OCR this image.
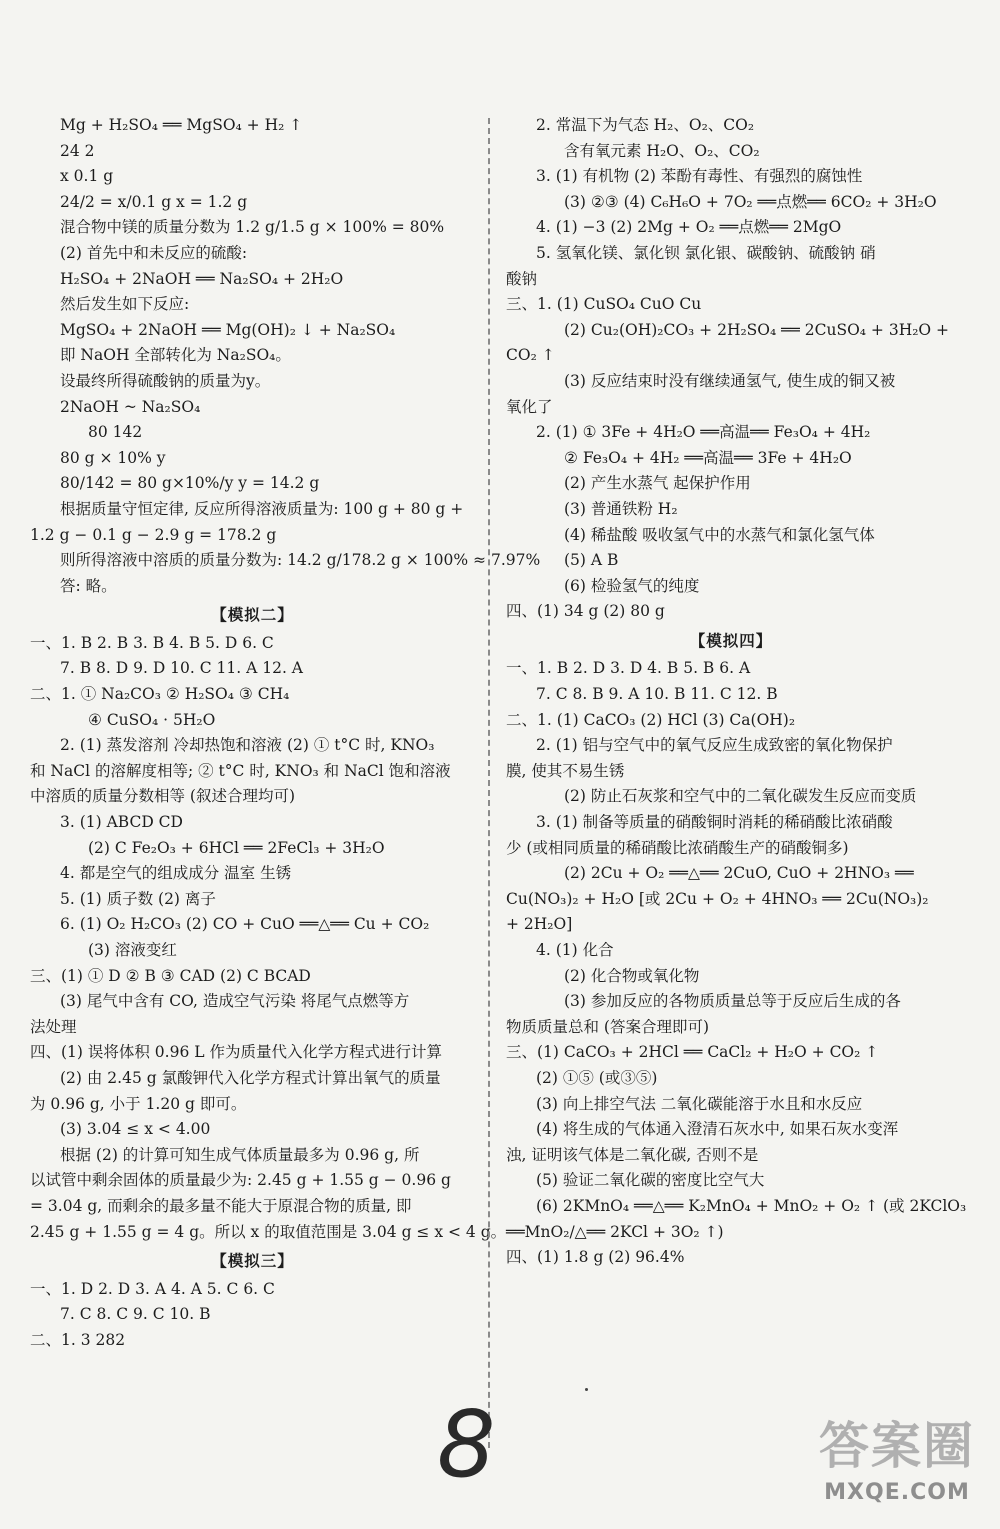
Mg + H₂SO₄ ══ MgSO₄ + H₂ ↑
24 2
x 0.1 g
24/2 = x/0.1 g x = 1.2 g
混合物中镁的质量分数为 1.2 g/1.5 g × 100% = 80%
(2) 首先中和未反应的硫酸:
H₂SO₄ + 2NaOH ══ Na₂SO₄ + 2H₂O
然后发生如下反应:
MgSO₄ + 2NaOH ══ Mg(OH)₂ ↓ + Na₂SO₄
即 NaOH 全部转化为 Na₂SO₄。
设最终所得硫酸钠的质量为y。
2NaOH ~ Na₂SO₄
80 142
80 g × 10% y
80/142 = 80 g×10%/y y = 14.2 g
根据质量守恒定律, 反应所得溶液质量为: 100 g + 80 g +
1.2 g − 0.1 g − 2.9 g = 178.2 g
则所得溶液中溶质的质量分数为: 14.2 g/178.2 g × 100% ≈ 7.97%
答: 略。
【模拟二】
一、1. B 2. B 3. B 4. B 5. D 6. C
7. B 8. D 9. D 10. C 11. A 12. A
二、1. ① Na₂CO₃ ② H₂SO₄ ③ CH₄
④ CuSO₄ · 5H₂O
2. (1) 蒸发溶剂 冷却热饱和溶液 (2) ① t°C 时, KNO₃
和 NaCl 的溶解度相等; ② t°C 时, KNO₃ 和 NaCl 饱和溶液
中溶质的质量分数相等 (叙述合理均可)
3. (1) ABCD CD
(2) C Fe₂O₃ + 6HCl ══ 2FeCl₃ + 3H₂O
4. 都是空气的组成成分 温室 生锈
5. (1) 质子数 (2) 离子
6. (1) O₂ H₂CO₃ (2) CO + CuO ══△══ Cu + CO₂
(3) 溶液变红
三、(1) ① D ② B ③ CAD (2) C BCAD
(3) 尾气中含有 CO, 造成空气污染 将尾气点燃等方
法处理
四、(1) 误将体积 0.96 L 作为质量代入化学方程式进行计算
(2) 由 2.45 g 氯酸钾代入化学方程式计算出氧气的质量
为 0.96 g, 小于 1.20 g 即可。
(3) 3.04 ≤ x < 4.00
根据 (2) 的计算可知生成气体质量最多为 0.96 g, 所
以试管中剩余固体的质量最少为: 2.45 g + 1.55 g − 0.96 g
= 3.04 g, 而剩余的最多量不能大于原混合物的质量, 即
2.45 g + 1.55 g = 4 g。所以 x 的取值范围是 3.04 g ≤ x < 4 g。
【模拟三】
一、1. D 2. D 3. A 4. A 5. C 6. C
7. C 8. C 9. C 10. B
二、1. 3 282
2. 常温下为气态 H₂、O₂、CO₂
含有氧元素 H₂O、O₂、CO₂
3. (1) 有机物 (2) 苯酚有毒性、有强烈的腐蚀性
(3) ②③ (4) C₆H₆O + 7O₂ ══点燃══ 6CO₂ + 3H₂O
4. (1) −3 (2) 2Mg + O₂ ══点燃══ 2MgO
5. 氢氧化镁、氯化钡 氯化银、碳酸钠、硫酸钠 硝
酸钠
三、1. (1) CuSO₄ CuO Cu
(2) Cu₂(OH)₂CO₃ + 2H₂SO₄ ══ 2CuSO₄ + 3H₂O +
CO₂ ↑
(3) 反应结束时没有继续通氢气, 使生成的铜又被
氧化了
2. (1) ① 3Fe + 4H₂O ══高温══ Fe₃O₄ + 4H₂
② Fe₃O₄ + 4H₂ ══高温══ 3Fe + 4H₂O
(2) 产生水蒸气 起保护作用
(3) 普通铁粉 H₂
(4) 稀盐酸 吸收氢气中的水蒸气和氯化氢气体
(5) A B
(6) 检验氢气的纯度
四、(1) 34 g (2) 80 g
【模拟四】
一、1. B 2. D 3. D 4. B 5. B 6. A
7. C 8. B 9. A 10. B 11. C 12. B
二、1. (1) CaCO₃ (2) HCl (3) Ca(OH)₂
2. (1) 铝与空气中的氧气反应生成致密的氧化物保护
膜, 使其不易生锈
(2) 防止石灰浆和空气中的二氧化碳发生反应而变质
3. (1) 制备等质量的硝酸铜时消耗的稀硝酸比浓硝酸
少 (或相同质量的稀硝酸比浓硝酸生产的硝酸铜多)
(2) 2Cu + O₂ ══△══ 2CuO, CuO + 2HNO₃ ══
Cu(NO₃)₂ + H₂O [或 2Cu + O₂ + 4HNO₃ ══ 2Cu(NO₃)₂
+ 2H₂O]
4. (1) 化合
(2) 化合物或氧化物
(3) 参加反应的各物质质量总等于反应后生成的各
物质质量总和 (答案合理即可)
三、(1) CaCO₃ + 2HCl ══ CaCl₂ + H₂O + CO₂ ↑
(2) ①⑤ (或③⑤)
(3) 向上排空气法 二氧化碳能溶于水且和水反应
(4) 将生成的气体通入澄清石灰水中, 如果石灰水变浑
浊, 证明该气体是二氧化碳, 否则不是
(5) 验证二氧化碳的密度比空气大
(6) 2KMnO₄ ══△══ K₂MnO₄ + MnO₂ + O₂ ↑ (或 2KClO₃
══MnO₂/△══ 2KCl + 3O₂ ↑)
四、(1) 1.8 g (2) 96.4%
8	答案圈
MXQE.COM
